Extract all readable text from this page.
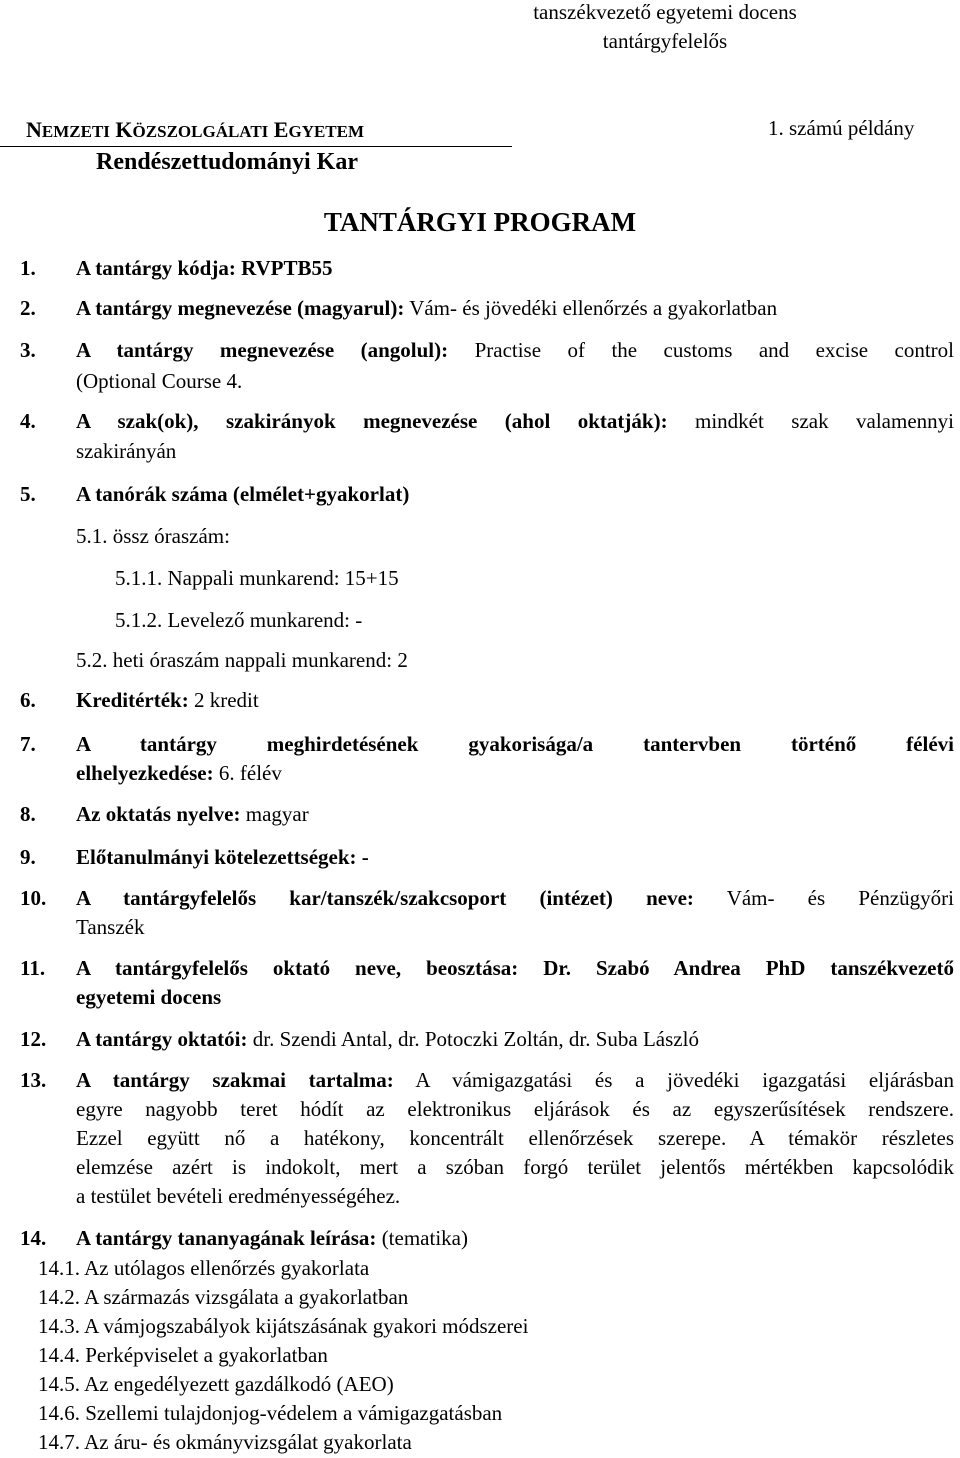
tanszékvezető egyetemi docens
tantárgyfelelős
NEMZETI KÖZSZOLGÁLATI EGYETEM	1. számú példány
Rendészettudományi Kar
TANTÁRGYI PROGRAM
1. A tantárgy kódja: RVPTB55
2. A tantárgy megnevezése (magyarul): Vám- és jövedéki ellenőrzés a gyakorlatban
3. A tantárgy megnevezése (angolul): Practise of the customs and excise control
(Optional Course 4.
4. A szak(ok), szakirányok megnevezése (ahol oktatják): mindkét szak valamennyi
szakirányán
5. A tanórák száma (elmélet+gyakorlat)
5.1. össz óraszám:
5.1.1. Nappali munkarend: 15+15
5.1.2. Levelező munkarend: -
5.2. heti óraszám nappali munkarend: 2
6. Kreditérték: 2 kredit
7. A tantárgy meghirdetésének gyakorisága/a tantervben történő félévi
elhelyezkedése: 6. félév
8. Az oktatás nyelve: magyar
9. Előtanulmányi kötelezettségek: -
10. A tantárgyfelelős kar/tanszék/szakcsoport (intézet) neve: Vám- és Pénzügyőri
Tanszék
11. A tantárgyfelelős oktató neve, beosztása: Dr. Szabó Andrea PhD tanszékvezető
egyetemi docens
12. A tantárgy oktatói: dr. Szendi Antal, dr. Potoczki Zoltán, dr. Suba László
13. A tantárgy szakmai tartalma: A vámigazgatási és a jövedéki igazgatási eljárásban
egyre nagyobb teret hódít az elektronikus eljárások és az egyszerűsítések rendszere.
Ezzel együtt nő a hatékony, koncentrált ellenőrzések szerepe. A témakör részletes
elemzése azért is indokolt, mert a szóban forgó terület jelentős mértékben kapcsolódik
a testület bevételi eredményességéhez.
14. A tantárgy tananyagának leírása: (tematika)
14.1. Az utólagos ellenőrzés gyakorlata
14.2. A származás vizsgálata a gyakorlatban
14.3. A vámjogszabályok kijátszásának gyakori módszerei
14.4. Perképviselet a gyakorlatban
14.5. Az engedélyezett gazdálkodó (AEO)
14.6. Szellemi tulajdonjog-védelem a vámigazgatásban
14.7. Az áru- és okmányvizsgálat gyakorlata
